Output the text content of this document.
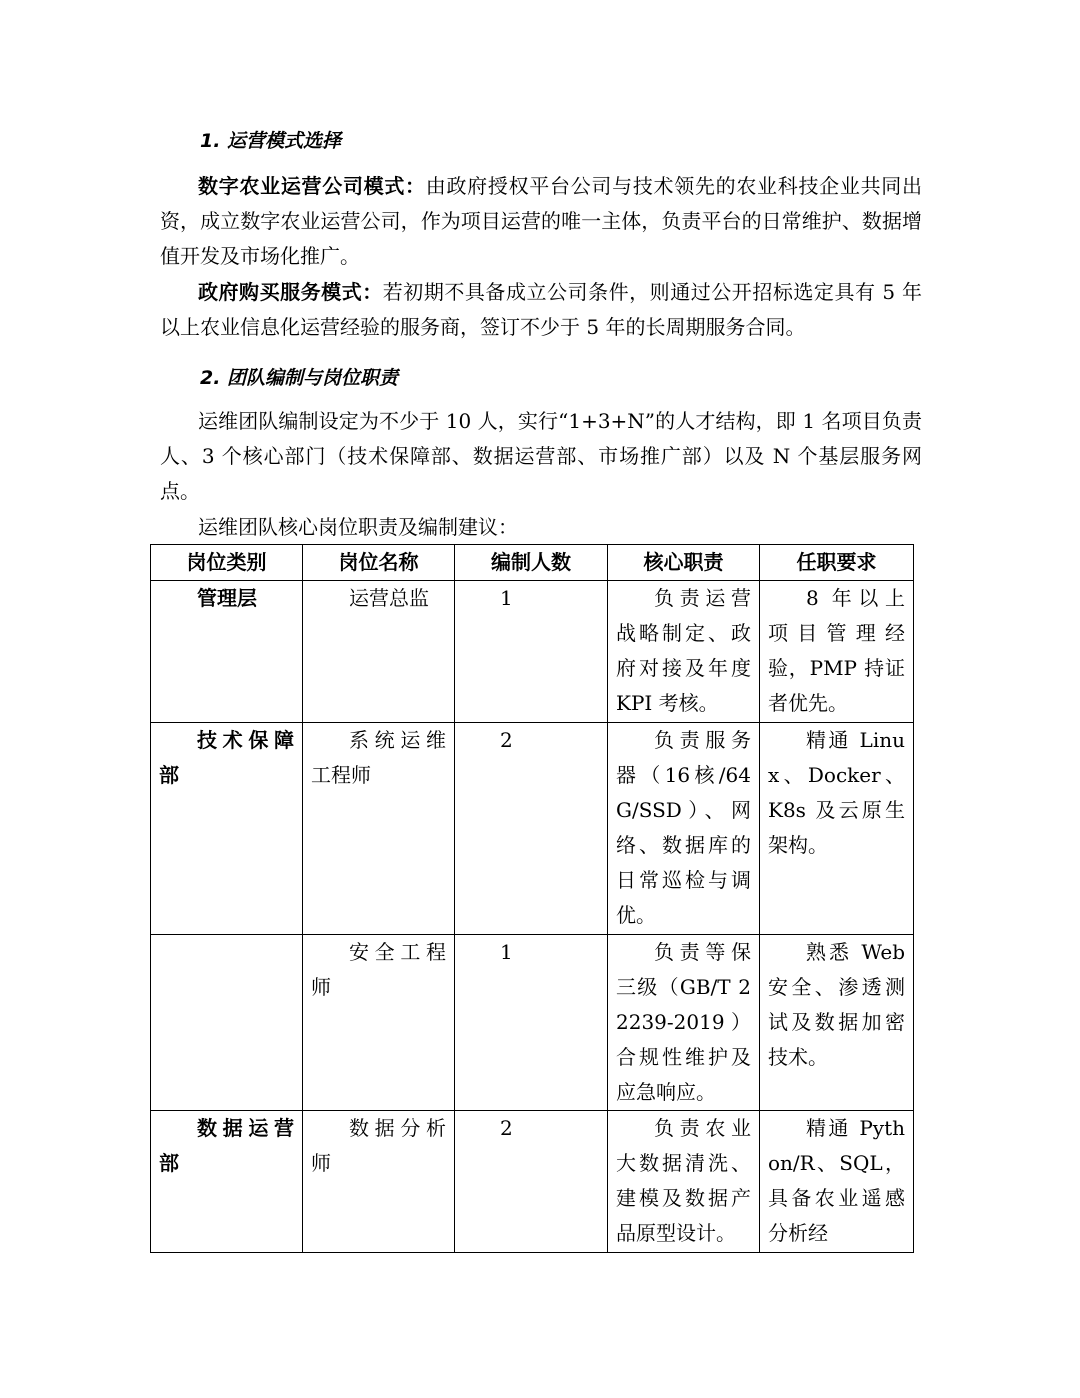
1. 运营模式选择

数字农业运营公司模式：由政府授权平台公司与技术领先的农业科技企业共同出资，成立数字农业运营公司，作为项目运营的唯一主体，负责平台的日常维护、数据增值开发及市场化推广。

政府购买服务模式：若初期不具备成立公司条件，则通过公开招标选定具有 5 年以上农业信息化运营经验的服务商，签订不少于 5 年的长周期服务合同。

2. 团队编制与岗位职责

运维团队编制设定为不少于 10 人，实行“1+3+N”的人才结构，即 1 名项目负责人、3 个核心部门（技术保障部、数据运营部、市场推广部）以及 N 个基层服务网点。

运维团队核心岗位职责及编制建议：
岗位类别	岗位名称	编制人数	核心职责	任职要求
管理层	运营总监	1	负责运营战略制定、政府对接及年度 KPI 考核。	8 年以上项目管理经验，PMP 持证者优先。
技术保障部	系统运维工程师	2	负责服务器（16核/64G/SSD）、网络、数据库的日常巡检与调优。	精通 Linux、Docker、K8s 及云原生架构。
	安全工程师	1	负责等保三级（GB/T 22239-2019）合规性维护及应急响应。	熟悉 Web 安全、渗透测试及数据加密技术。
数据运营部	数据分析师	2	负责农业大数据清洗、建模及数据产品原型设计。	精通 Python/R、SQL，具备农业遥感分析经
